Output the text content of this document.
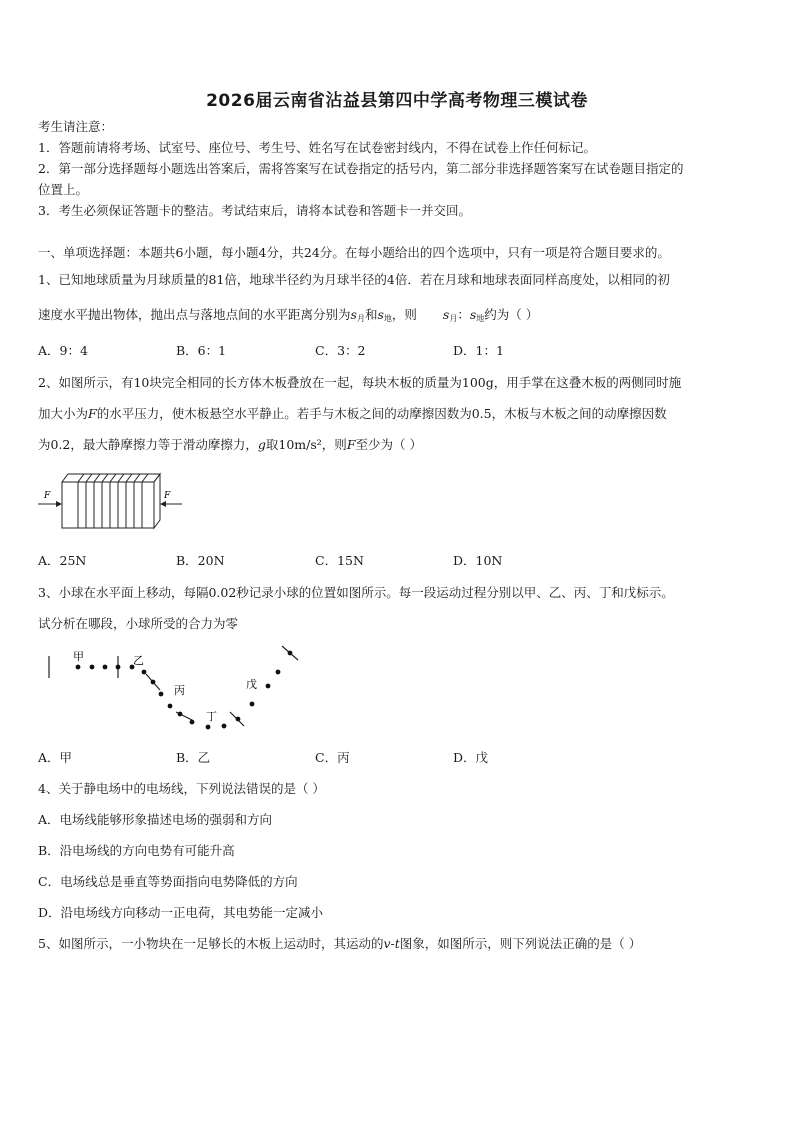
2026届云南省沾益县第四中学高考物理三模试卷
考生请注意：
1．答题前请将考场、试室号、座位号、考生号、姓名写在试卷密封线内，不得在试卷上作任何标记。
2．第一部分选择题每小题选出答案后，需将答案写在试卷指定的括号内，第二部分非选择题答案写在试卷题目指定的
位置上。
3．考生必须保证答题卡的整洁。考试结束后，请将本试卷和答题卡一并交回。
一、单项选择题：本题共6小题，每小题4分，共24分。在每小题给出的四个选项中，只有一项是符合题目要求的。
1、已知地球质量为月球质量的81倍，地球半径约为月球半径的4倍．若在月球和地球表面同样高度处，以相同的初
速度水平抛出物体，抛出点与落地点间的水平距离分别为$s_月$和$s_地$，则 $s_月$：$s_地$约为（ ）
A．9：4	B．6：1	C．3：2	D．1：1
2、如图所示，有10块完全相同的长方体木板叠放在一起，每块木板的质量为100g，用手掌在这叠木板的两侧同时施
加大小为F的水平压力，使木板悬空水平静止。若手与木板之间的动摩擦因数为0.5，木板与木板之间的动摩擦因数
为0.2，最大静摩擦力等于滑动摩擦力，g取10m/s²，则F至少为（ ）
F	F
A．25N	B．20N	C．15N	D．10N
3、小球在水平面上移动，每隔0.02秒记录小球的位置如图所示。每一段运动过程分别以甲、乙、丙、丁和戊标示。
试分析在哪段，小球所受的合力为零
甲	乙
丙
丁
戊
A．甲	B．乙	C．丙	D．戊
4、关于静电场中的电场线，下列说法错误的是（ ）
A．电场线能够形象描述电场的强弱和方向
B．沿电场线的方向电势有可能升高
C．电场线总是垂直等势面指向电势降低的方向
D．沿电场线方向移动一正电荷，其电势能一定减小
5、如图所示，一小物块在一足够长的木板上运动时，其运动的v-t图象，如图所示，则下列说法正确的是（ ）
